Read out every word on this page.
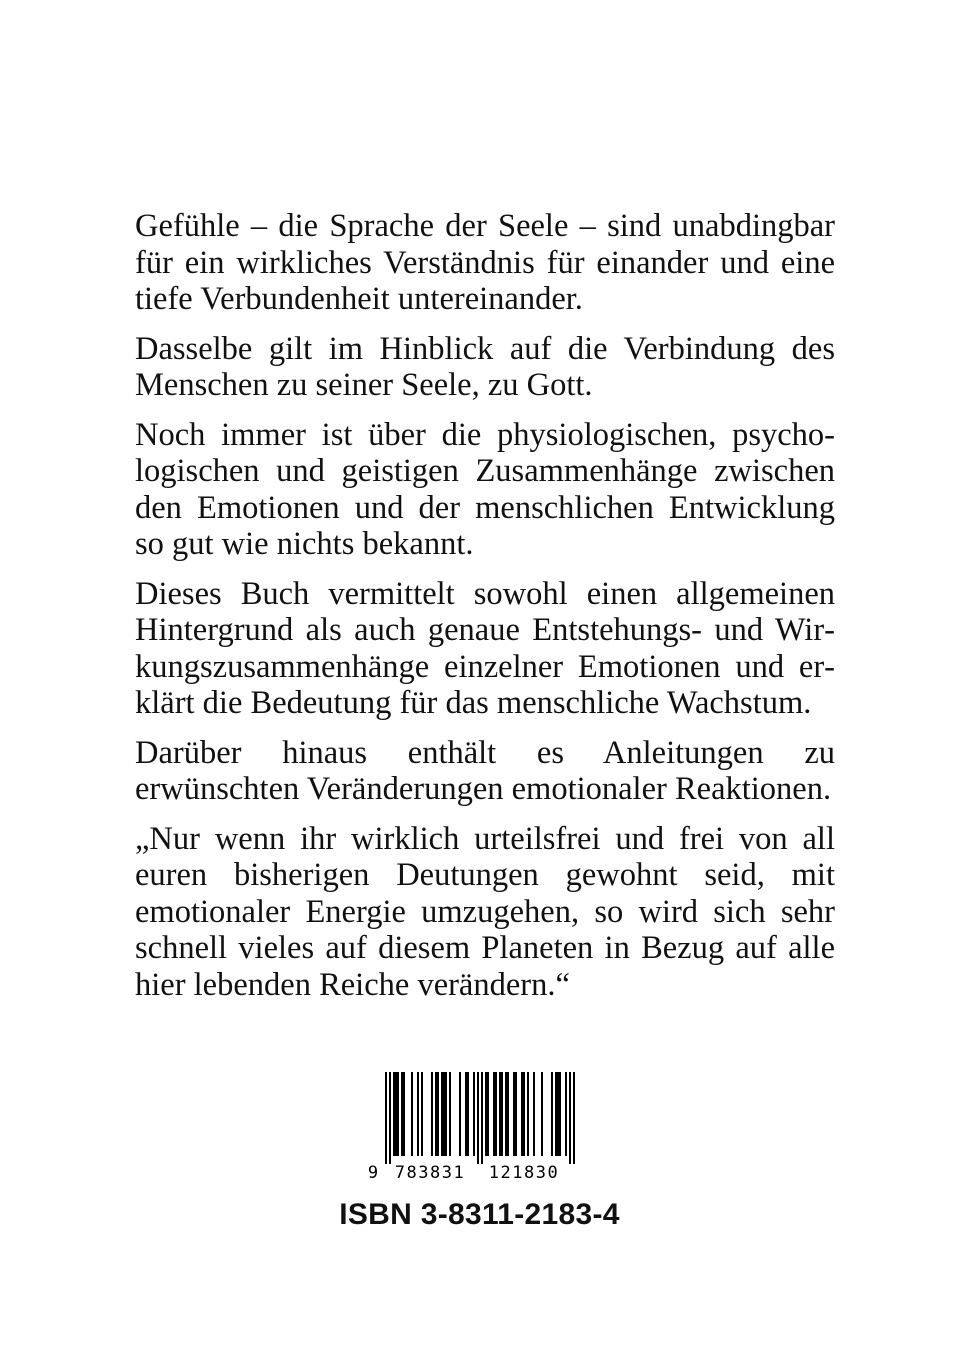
Gefühle – die Sprache der Seele – sind unabdingbar für ein wirkliches Verständnis für einander und eine tiefe Verbundenheit untereinander.

Dasselbe gilt im Hinblick auf die Verbindung des Menschen zu seiner Seele, zu Gott.

Noch immer ist über die physiologischen, psychologischen und geistigen Zusammenhänge zwischen den Emotionen und der menschlichen Entwicklung so gut wie nichts bekannt.

Dieses Buch vermittelt sowohl einen allgemeinen Hintergrund als auch genaue Entstehungs- und Wirkungszusammenhänge einzelner Emotionen und erklärt die Bedeutung für das menschliche Wachstum.

Darüber hinaus enthält es Anleitungen zu erwünschten Veränderungen emotionaler Reaktionen.

„Nur wenn ihr wirklich urteilsfrei und frei von all euren bisherigen Deutungen gewohnt seid, mit emotionaler Energie umzugehen, so wird sich sehr schnell vieles auf diesem Planeten in Bezug auf alle hier lebenden Reiche verändern.“

9 783831 121830
ISBN 3-8311-2183-4
